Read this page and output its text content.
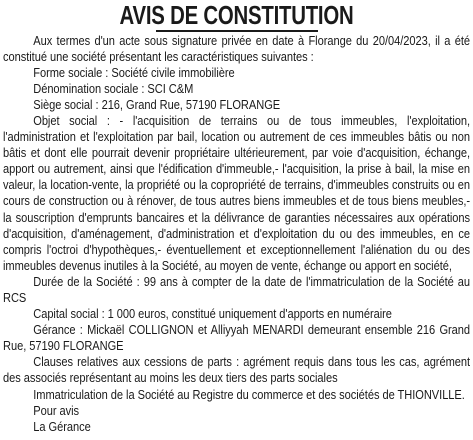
AVIS DE CONSTITUTION

Aux termes d'un acte sous signature privée en date à Florange du 20/04/2023, il a été constitué une société présentant les caractéristiques suivantes :

Forme sociale : Société civile immobilière

Dénomination sociale : SCI C&M

Siège social : 216, Grand Rue, 57190 FLORANGE

Objet social : - l'acquisition de terrains ou de tous immeubles, l'exploitation, l'administration et l'exploitation par bail, location ou autrement de ces immeubles bâtis ou non bâtis et dont elle pourrait devenir propriétaire ultérieurement, par voie d'acquisition, échange, apport ou autrement, ainsi que l'édification d'immeuble,- l'acquisition, la prise à bail, la mise en valeur, la location-vente, la propriété ou la copropriété de terrains, d'immeubles construits ou en cours de construction ou à rénover, de tous autres biens immeubles et de tous biens meubles,- la souscription d'emprunts bancaires et la délivrance de garanties nécessaires aux opérations d'acquisition, d'aménagement, d'administration et d'exploitation du ou des immeubles, en ce compris l'octroi d'hypothèques,- éventuellement et exceptionnellement l'aliénation du ou des immeubles devenus inutiles à la Société, au moyen de vente, échange ou apport en société,

Durée de la Société : 99 ans à compter de la date de l'immatriculation de la Société au RCS

Capital social : 1 000 euros, constitué uniquement d'apports en numéraire

Gérance : Mickaël COLLIGNON et Alliyyah MENARDI demeurant ensemble 216 Grand Rue, 57190 FLORANGE

Clauses relatives aux cessions de parts : agrément requis dans tous les cas, agrément des associés représentant au moins les deux tiers des parts sociales

Immatriculation de la Société au Registre du commerce et des sociétés de THIONVILLE.

Pour avis

La Gérance
